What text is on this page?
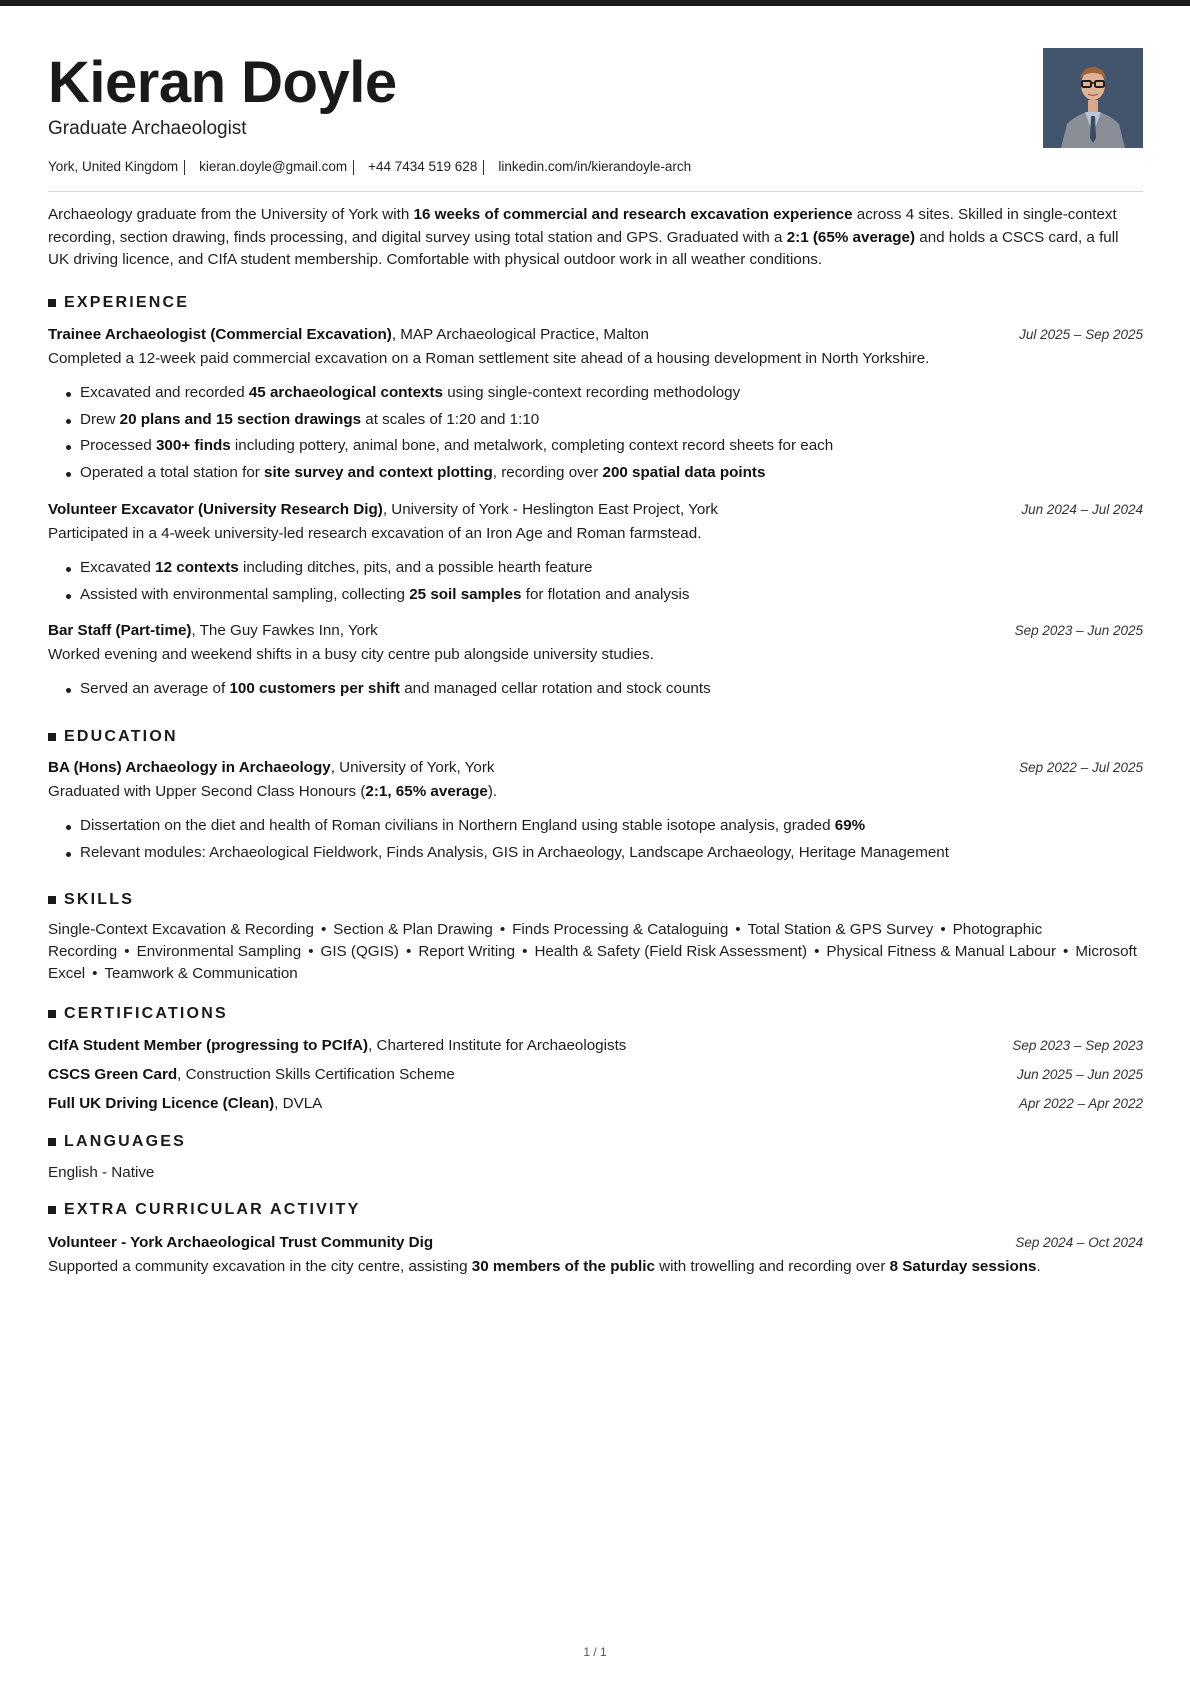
Kieran Doyle
Graduate Archaeologist
York, United Kingdom kieran.doyle@gmail.com +44 7434 519 628 linkedin.com/in/kierandoyle-arch
Archaeology graduate from the University of York with 16 weeks of commercial and research excavation experience across 4 sites. Skilled in single-context recording, section drawing, finds processing, and digital survey using total station and GPS. Graduated with a 2:1 (65% average) and holds a CSCS card, a full UK driving licence, and CIfA student membership. Comfortable with physical outdoor work in all weather conditions.
EXPERIENCE
Trainee Archaeologist (Commercial Excavation), MAP Archaeological Practice, Malton	Jul 2025 – Sep 2025
Completed a 12-week paid commercial excavation on a Roman settlement site ahead of a housing development in North Yorkshire.
Excavated and recorded 45 archaeological contexts using single-context recording methodology
Drew 20 plans and 15 section drawings at scales of 1:20 and 1:10
Processed 300+ finds including pottery, animal bone, and metalwork, completing context record sheets for each
Operated a total station for site survey and context plotting, recording over 200 spatial data points
Volunteer Excavator (University Research Dig), University of York - Heslington East Project, York	Jun 2024 – Jul 2024
Participated in a 4-week university-led research excavation of an Iron Age and Roman farmstead.
Excavated 12 contexts including ditches, pits, and a possible hearth feature
Assisted with environmental sampling, collecting 25 soil samples for flotation and analysis
Bar Staff (Part-time), The Guy Fawkes Inn, York	Sep 2023 – Jun 2025
Worked evening and weekend shifts in a busy city centre pub alongside university studies.
Served an average of 100 customers per shift and managed cellar rotation and stock counts
EDUCATION
BA (Hons) Archaeology in Archaeology, University of York, York	Sep 2022 – Jul 2025
Graduated with Upper Second Class Honours (2:1, 65% average).
Dissertation on the diet and health of Roman civilians in Northern England using stable isotope analysis, graded 69%
Relevant modules: Archaeological Fieldwork, Finds Analysis, GIS in Archaeology, Landscape Archaeology, Heritage Management
SKILLS
Single-Context Excavation & Recording • Section & Plan Drawing • Finds Processing & Cataloguing • Total Station & GPS Survey • Photographic Recording • Environmental Sampling • GIS (QGIS) • Report Writing • Health & Safety (Field Risk Assessment) • Physical Fitness & Manual Labour • Microsoft Excel • Teamwork & Communication
CERTIFICATIONS
CIfA Student Member (progressing to PCIfA), Chartered Institute for Archaeologists	Sep 2023 – Sep 2023
CSCS Green Card, Construction Skills Certification Scheme	Jun 2025 – Jun 2025
Full UK Driving Licence (Clean), DVLA	Apr 2022 – Apr 2022
LANGUAGES
English - Native
EXTRA CURRICULAR ACTIVITY
Volunteer - York Archaeological Trust Community Dig	Sep 2024 – Oct 2024
Supported a community excavation in the city centre, assisting 30 members of the public with trowelling and recording over 8 Saturday sessions.
1 / 1
